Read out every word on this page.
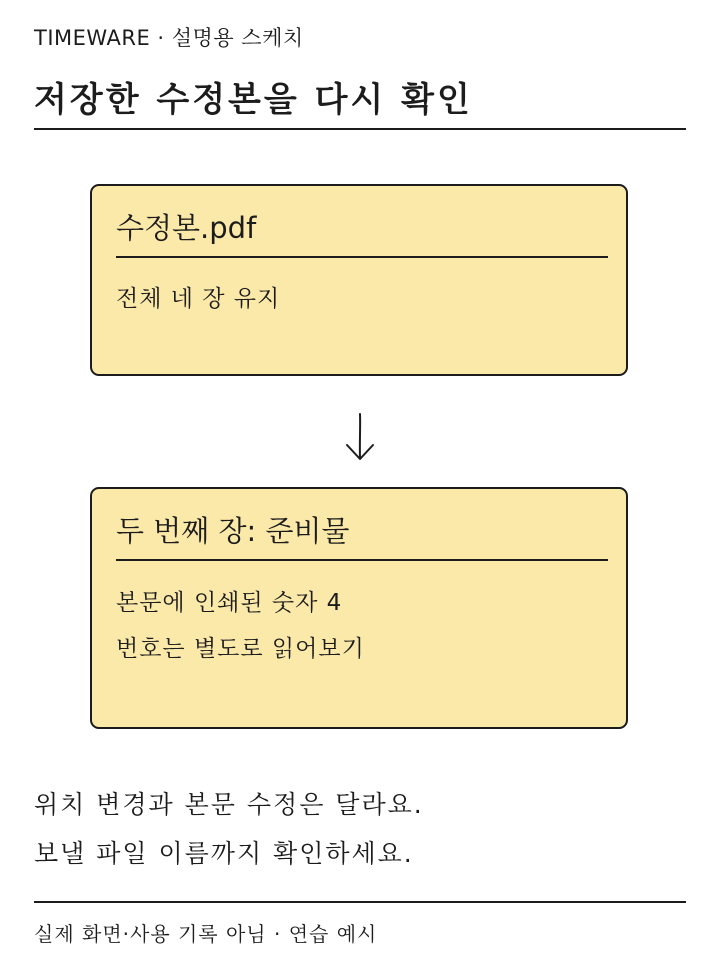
TIMEWARE · 설명용 스케치
저장한 수정본을 다시 확인
수정본.pdf
전체 네 장 유지
두 번째 장: 준비물
본문에 인쇄된 숫자 4
번호는 별도로 읽어보기
위치 변경과 본문 수정은 달라요.
보낼 파일 이름까지 확인하세요.
실제 화면·사용 기록 아님 · 연습 예시
